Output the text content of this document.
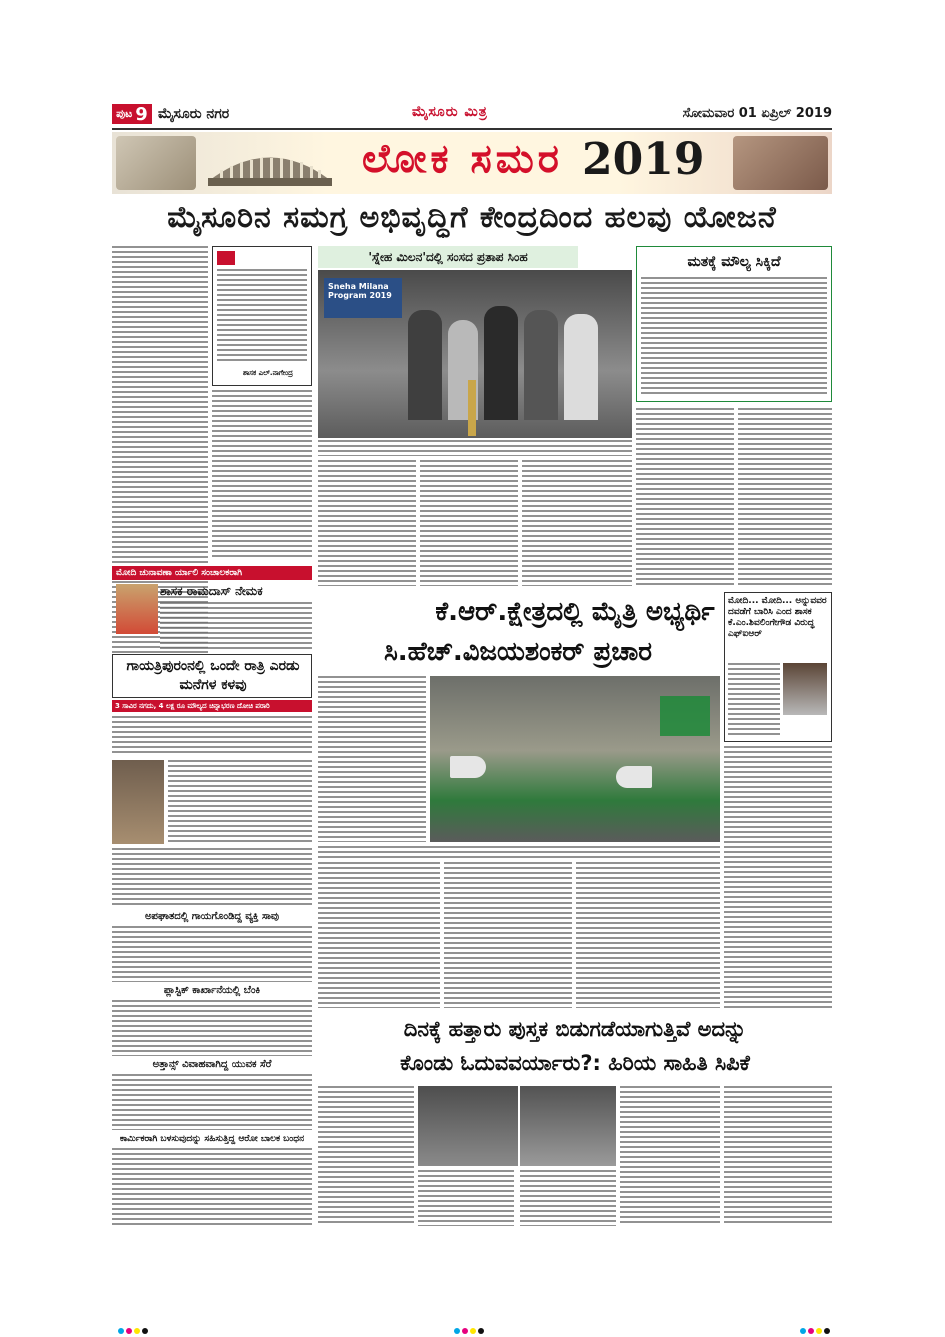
ಪುಟ 9 ಮೈಸೂರು ನಗರ	ಮೈಸೂರು ಮಿತ್ರ	ಸೋಮವಾರ 01 ಏಪ್ರಿಲ್ 2019
ಲೋಕ ಸಮರ 2019
ಮೈಸೂರಿನ ಸಮಗ್ರ ಅಭಿವೃದ್ಧಿಗೆ ಕೇಂದ್ರದಿಂದ ಹಲವು ಯೋಜನೆ
ಶಾಸಕ ಎಲ್.ನಾಗೇಂದ್ರ
'ಸ್ನೇಹ ಮಿಲನ'ದಲ್ಲಿ ಸಂಸದ ಪ್ರತಾಪ ಸಿಂಹ
Sneha Milana Program 2019
ಮತಕ್ಕೆ ಮೌಲ್ಯ ಸಿಕ್ಕಿದೆ
ಮೋದಿ ಚುನಾವಣಾ ರ್ಯಾಲಿ ಸಂಚಾಲಕರಾಗಿ
ಶಾಸಕ ರಾಮದಾಸ್ ನೇಮಕ
ಗಾಯತ್ರಿಪುರಂನಲ್ಲಿ ಒಂದೇ ರಾತ್ರಿ ಎರಡು ಮನೆಗಳ ಕಳವು
3 ಸಾವಿರ ನಗದು, 4 ಲಕ್ಷ ರೂ ಮೌಲ್ಯದ ಚಿನ್ನಾಭರಣ ದೋಚಿ ಪರಾರಿ
ಅಪಘಾತದಲ್ಲಿ ಗಾಯಗೊಂಡಿದ್ದ ವ್ಯಕ್ತಿ ಸಾವು
ಪ್ಲಾಸ್ಟಿಕ್ ಕಾರ್ಖಾನೆಯಲ್ಲಿ ಬೆಂಕಿ
ಅತ್ತಾನ್ಸ್ ವಿವಾಹವಾಗಿದ್ದ ಯುವಕ ಸೆರೆ
ಕಾರ್ಮಿಕರಾಗಿ ಬಳಸುವುದನ್ನು ಸಹಿಸುತ್ತಿದ್ದ ಆರೋ ಬಾಲಕ ಬಂಧನ
ಕೆ.ಆರ್.ಕ್ಷೇತ್ರದಲ್ಲಿ ಮೈತ್ರಿ ಅಭ್ಯರ್ಥಿ
ಸಿ.ಹೆಚ್.ವಿಜಯಶಂಕರ್ ಪ್ರಚಾರ
ಮೋದಿ... ಮೋದಿ... ಅನ್ನುವವರ ದವಡೆಗೆ ಬಾರಿಸಿ ಎಂದ ಶಾಸಕ ಕೆ.ಎಂ.ಶಿವಲಿಂಗೇಗೌಡ ವಿರುದ್ಧ ಎಫ್‌ಐಆರ್
ದಿನಕ್ಕೆ ಹತ್ತಾರು ಪುಸ್ತಕ ಬಿಡುಗಡೆಯಾಗುತ್ತಿವೆ ಅದನ್ನು
ಕೊಂಡು ಓದುವವರ್ಯಾರು?: ಹಿರಿಯ ಸಾಹಿತಿ ಸಿಪಿಕೆ
